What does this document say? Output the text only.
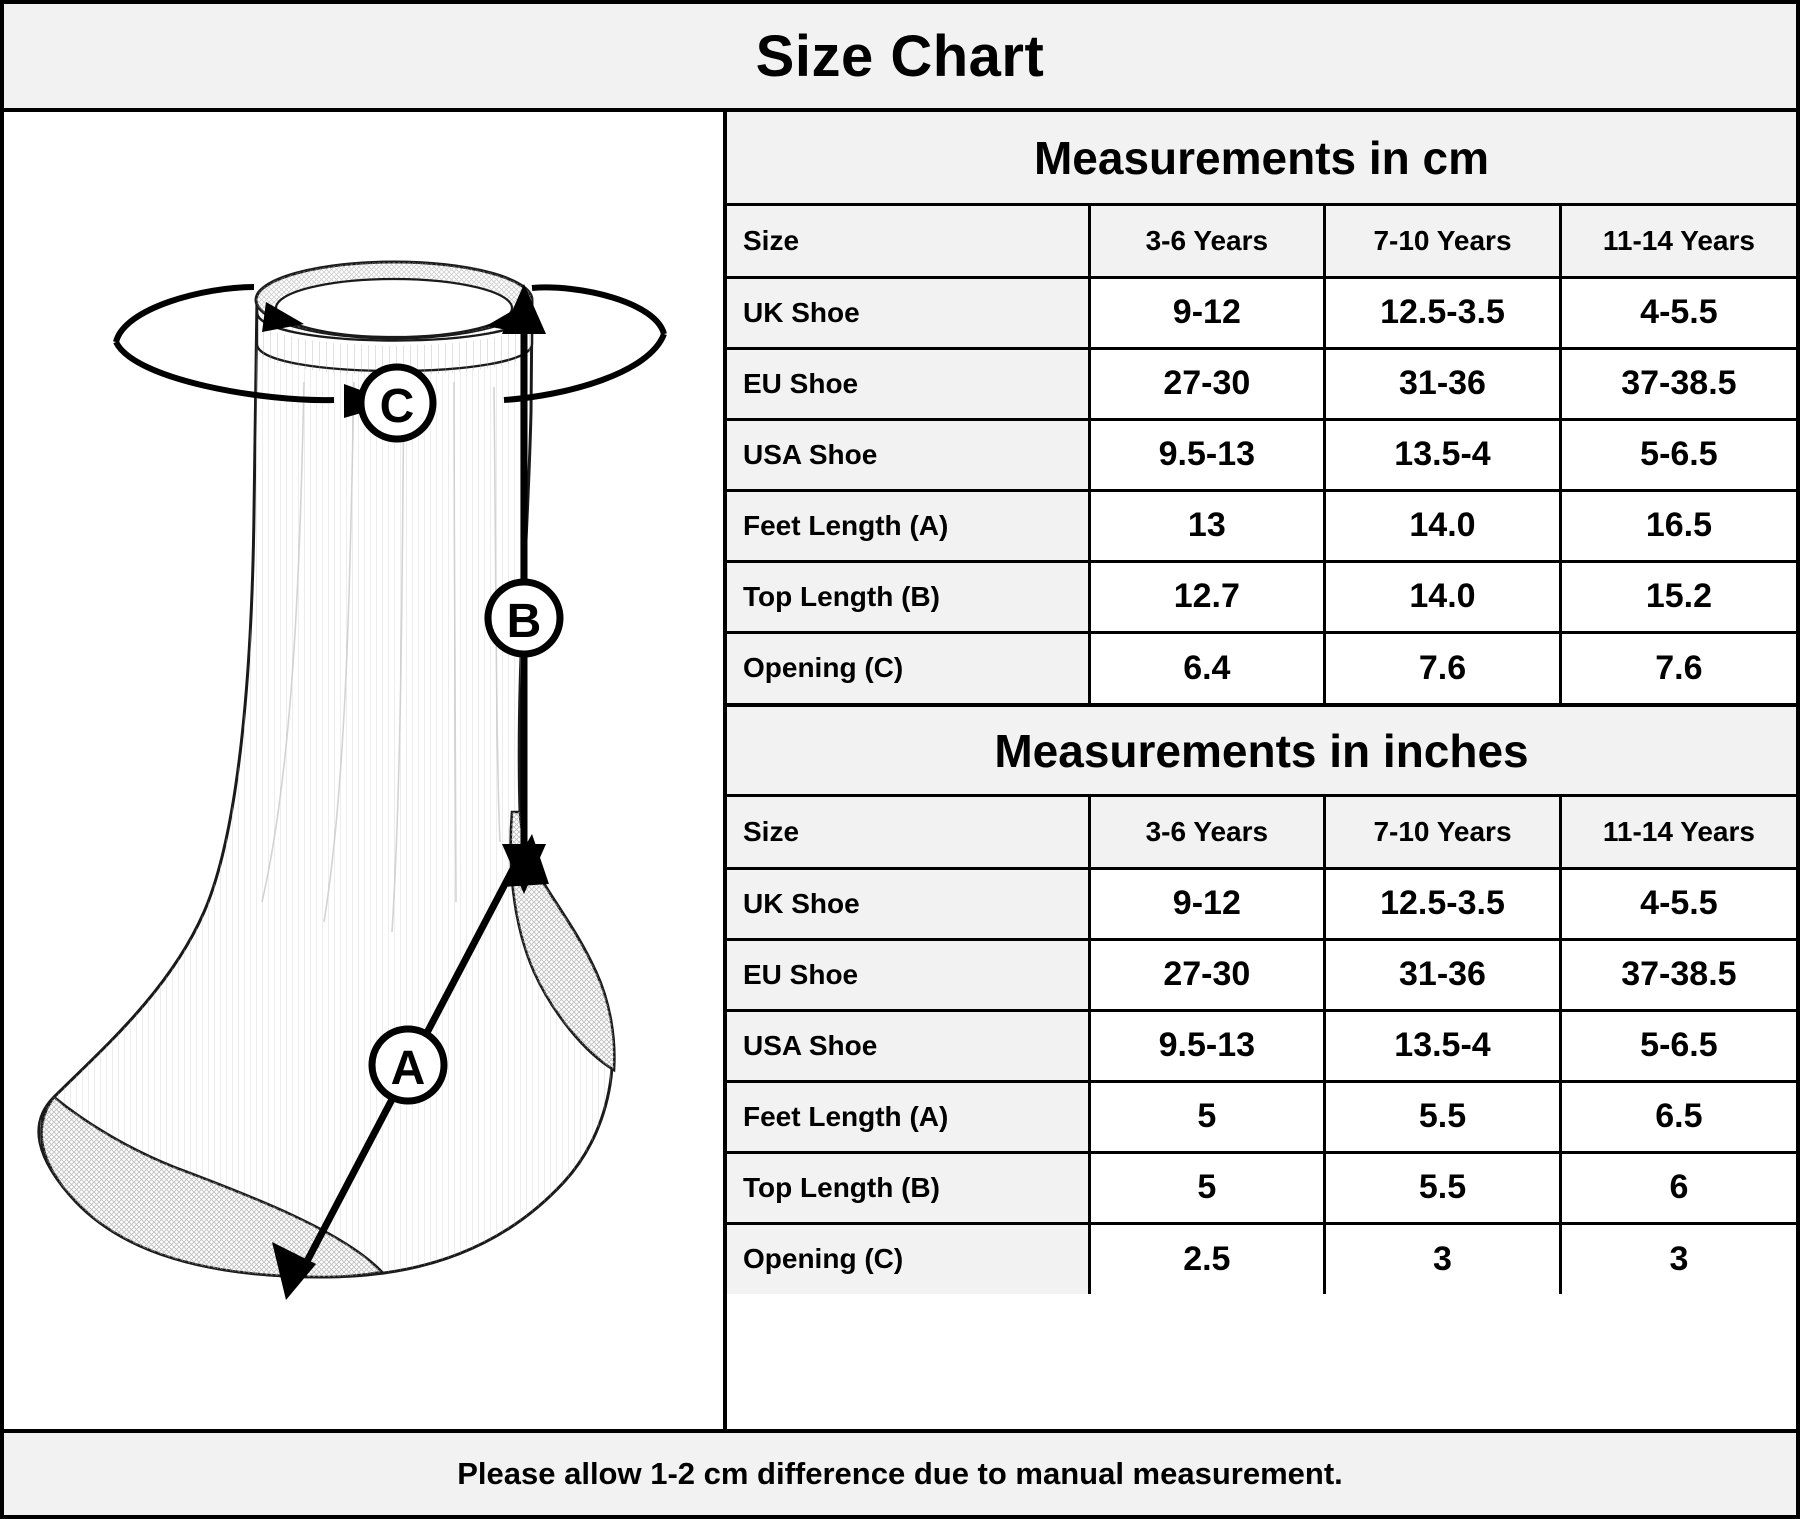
Size Chart
C
B
A
Measurements in cm
Size	3-6 Years	7-10 Years	11-14 Years
UK Shoe	9-12	12.5-3.5	4-5.5
EU Shoe	27-30	31-36	37-38.5
USA Shoe	9.5-13	13.5-4	5-6.5
Feet Length (A)	13	14.0	16.5
Top Length (B)	12.7	14.0	15.2
Opening (C)	6.4	7.6	7.6
Measurements in inches
Size	3-6 Years	7-10 Years	11-14 Years
UK Shoe	9-12	12.5-3.5	4-5.5
EU Shoe	27-30	31-36	37-38.5
USA Shoe	9.5-13	13.5-4	5-6.5
Feet Length (A)	5	5.5	6.5
Top Length (B)	5	5.5	6
Opening (C)	2.5	3	3
Please allow 1-2 cm difference due to manual measurement.
